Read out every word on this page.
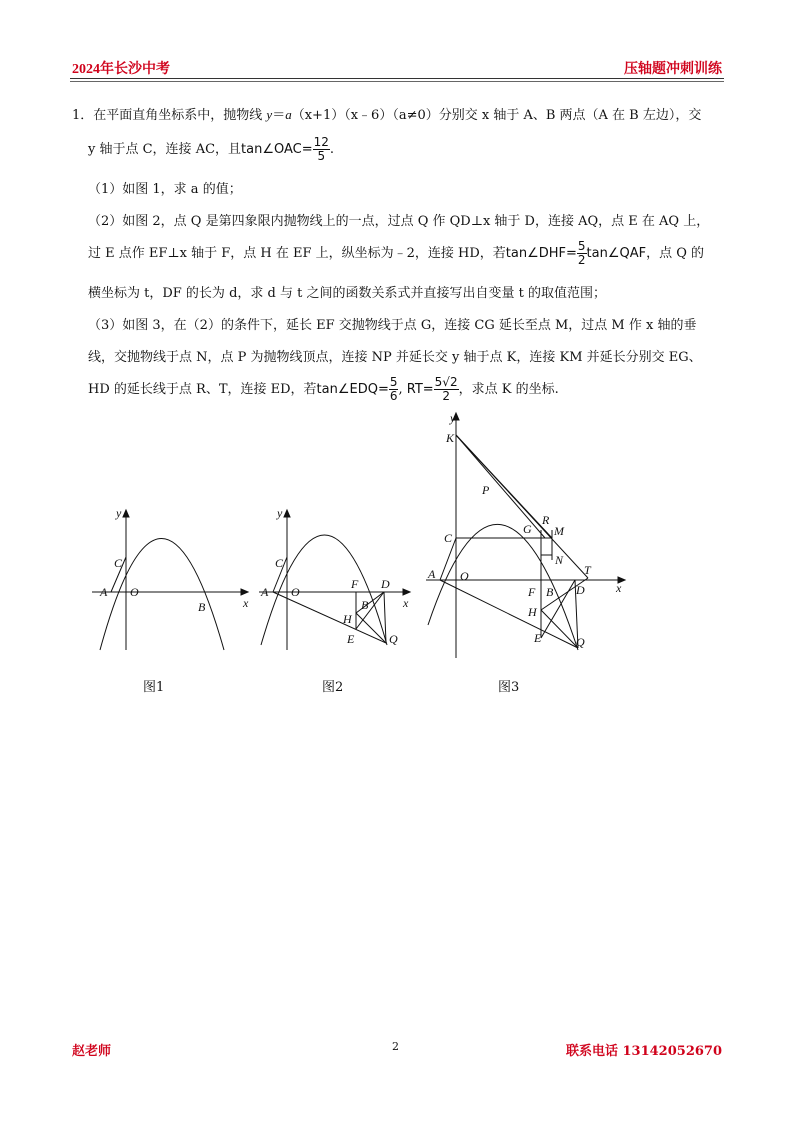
2024年长沙中考	压轴题冲刺训练
1．在平面直角坐标系中，抛物线 y＝a（x+1）（x﹣6）（a≠0）分别交 x 轴于 A、B 两点（A 在 B 左边），交
y 轴于点 C，连接 AC，且tan∠OAC= $\frac{12}{5}$ .
（1）如图 1，求 a 的值；
（2）如图 2，点 Q 是第四象限内抛物线上的一点，过点 Q 作 QD⊥x 轴于 D，连接 AQ，点 E 在 AQ 上，
过 E 点作 EF⊥x 轴于 F，点 H 在 EF 上，纵坐标为﹣2，连接 HD，若tan∠DHF= $\frac{5}{2}$ tan∠QAF，点 Q 的
横坐标为 t，DF 的长为 d，求 d 与 t 之间的函数关系式并直接写出自变量 t 的取值范围；
（3）如图 3，在（2）的条件下，延长 EF 交抛物线于点 G，连接 CG 延长至点 M，过点 M 作 x 轴的垂
线，交抛物线于点 N，点 P 为抛物线顶点，连接 NP 并延长交 y 轴于点 K，连接 KM 并延长分别交 EG、
HD 的延长线于点 R、T，连接 ED，若tan∠EDQ= $\frac{5}{6}$ , $RT= \frac{5√2}{2}$ ，求点 K 的坐标.
y
x
C
A O
B
图1
y
x
C
A O
F D
B
H
E	Q
图2
y
x
K
P
R
G M
C
N
T
A O
F B D
H
E	Q
图3
赵老师	2	联系电话 13142052670
